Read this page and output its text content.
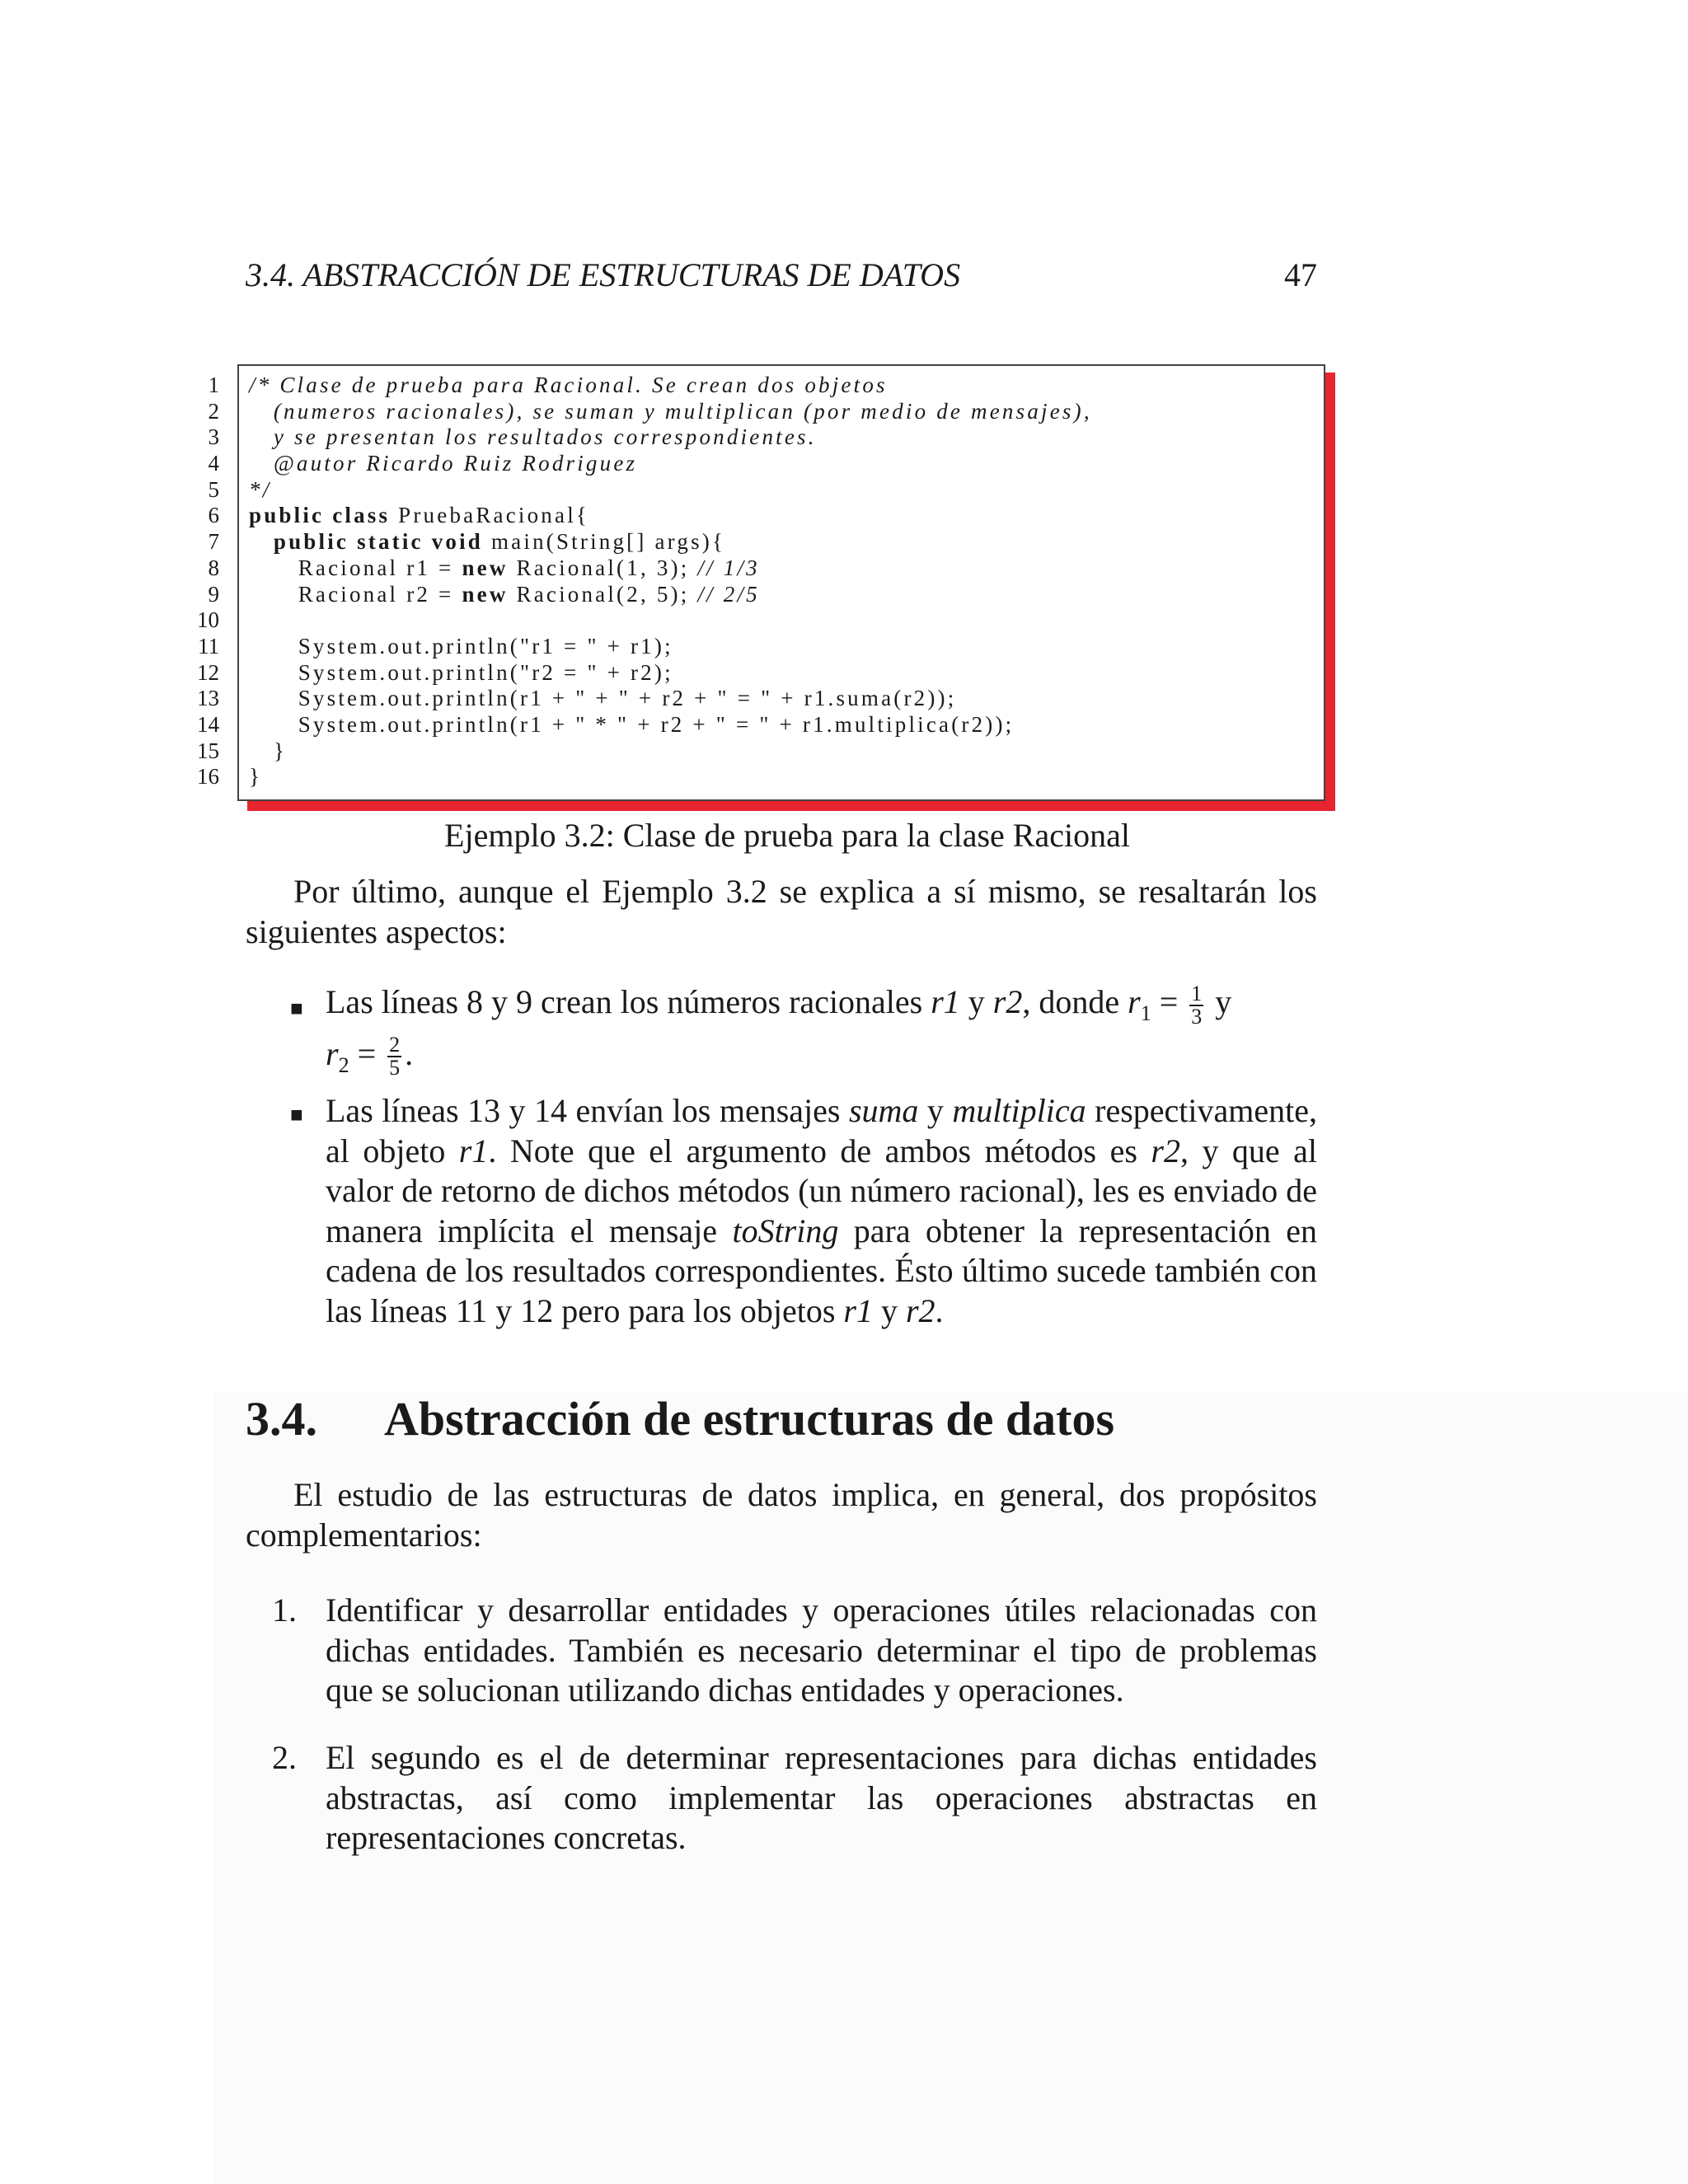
3.4. ABSTRACCIÓN DE ESTRUCTURAS DE DATOS	47
1
2
3
4
5
6
7
8
9
10
11
12
13
14
15
16
/* Clase de prueba para Racional. Se crean dos objetos
(numeros racionales), se suman y multiplican (por medio de mensajes),
y se presentan los resultados correspondientes.
@autor Ricardo Ruiz Rodriguez
*/
public class PruebaRacional{
public static void main(String[] args){
Racional r1 = new Racional(1, 3); // 1/3
Racional r2 = new Racional(2, 5); // 2/5
System.out.println("r1 = " + r1);
System.out.println("r2 = " + r2);
System.out.println(r1 + " + " + r2 + " = " + r1.suma(r2));
System.out.println(r1 + " * " + r2 + " = " + r1.multiplica(r2));
}
}
Ejemplo 3.2: Clase de prueba para la clase Racional
Por último, aunque el Ejemplo 3.2 se explica a sí mismo, se resaltarán los siguientes aspectos:
■ Las líneas 8 y 9 crean los números racionales r1 y r2, donde $r_1 = \frac{1}{3}$ y
$r_2 = \frac{2}{5}$ .
■ Las líneas 13 y 14 envían los mensajes suma y multiplica respectivamente, al objeto r1. Note que el argumento de ambos métodos es r2, y que al valor de retorno de dichos métodos (un número racional), les es enviado de manera implícita el mensaje toString para obtener la representación en cadena de los resultados correspondientes. Ésto último sucede también con las líneas 11 y 12 pero para los objetos r1 y r2.
3.4.	Abstracción de estructuras de datos
El estudio de las estructuras de datos implica, en general, dos propósitos complementarios:
1. Identificar y desarrollar entidades y operaciones útiles relacionadas con dichas entidades. También es necesario determinar el tipo de problemas que se solucionan utilizando dichas entidades y operaciones.
2. El segundo es el de determinar representaciones para dichas entidades abstractas, así como implementar las operaciones abstractas en representaciones concretas.
